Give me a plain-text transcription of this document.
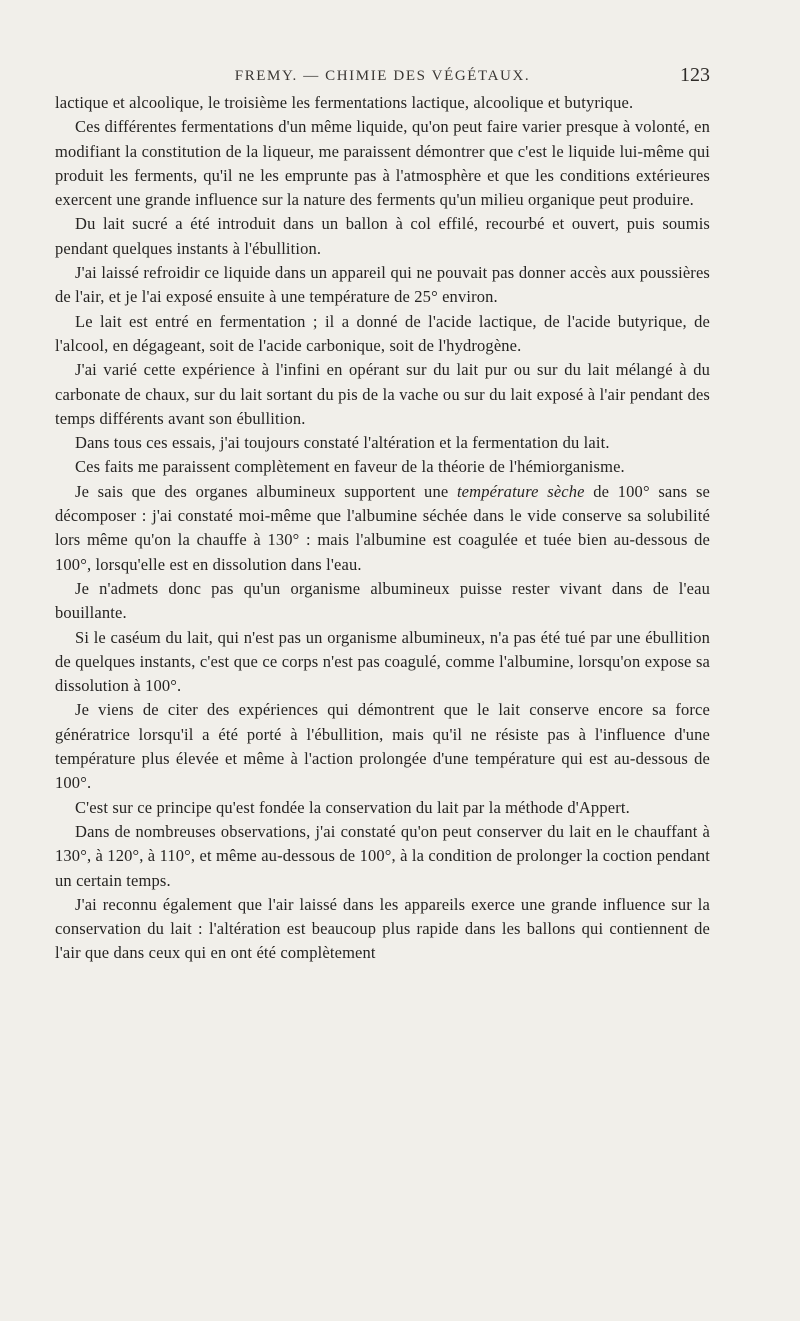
FREMY. — CHIMIE DES VÉGÉTAUX.	123

lactique et alcoolique, le troisième les fermentations lactique, alcoolique et butyrique.

Ces différentes fermentations d'un même liquide, qu'on peut faire varier presque à volonté, en modifiant la constitution de la liqueur, me paraissent démontrer que c'est le liquide lui-même qui produit les ferments, qu'il ne les emprunte pas à l'atmosphère et que les conditions extérieures exercent une grande influence sur la nature des ferments qu'un milieu organique peut produire.

Du lait sucré a été introduit dans un ballon à col effilé, recourbé et ouvert, puis soumis pendant quelques instants à l'ébullition.

J'ai laissé refroidir ce liquide dans un appareil qui ne pouvait pas donner accès aux poussières de l'air, et je l'ai exposé ensuite à une température de 25° environ.

Le lait est entré en fermentation ; il a donné de l'acide lactique, de l'acide butyrique, de l'alcool, en dégageant, soit de l'acide carbonique, soit de l'hydrogène.

J'ai varié cette expérience à l'infini en opérant sur du lait pur ou sur du lait mélangé à du carbonate de chaux, sur du lait sortant du pis de la vache ou sur du lait exposé à l'air pendant des temps différents avant son ébullition.

Dans tous ces essais, j'ai toujours constaté l'altération et la fermentation du lait.

Ces faits me paraissent complètement en faveur de la théorie de l'hémiorganisme.

Je sais que des organes albumineux supportent une température sèche de 100° sans se décomposer : j'ai constaté moi-même que l'albumine séchée dans le vide conserve sa solubilité lors même qu'on la chauffe à 130° : mais l'albumine est coagulée et tuée bien au-dessous de 100°, lorsqu'elle est en dissolution dans l'eau.

Je n'admets donc pas qu'un organisme albumineux puisse rester vivant dans de l'eau bouillante.

Si le caséum du lait, qui n'est pas un organisme albumineux, n'a pas été tué par une ébullition de quelques instants, c'est que ce corps n'est pas coagulé, comme l'albumine, lorsqu'on expose sa dissolution à 100°.

Je viens de citer des expériences qui démontrent que le lait conserve encore sa force génératrice lorsqu'il a été porté à l'ébullition, mais qu'il ne résiste pas à l'influence d'une température plus élevée et même à l'action prolongée d'une température qui est au-dessous de 100°.

C'est sur ce principe qu'est fondée la conservation du lait par la méthode d'Appert.

Dans de nombreuses observations, j'ai constaté qu'on peut conserver du lait en le chauffant à 130°, à 120°, à 110°, et même au-dessous de 100°, à la condition de prolonger la coction pendant un certain temps.

J'ai reconnu également que l'air laissé dans les appareils exerce une grande influence sur la conservation du lait : l'altération est beaucoup plus rapide dans les ballons qui contiennent de l'air que dans ceux qui en ont été complètement
